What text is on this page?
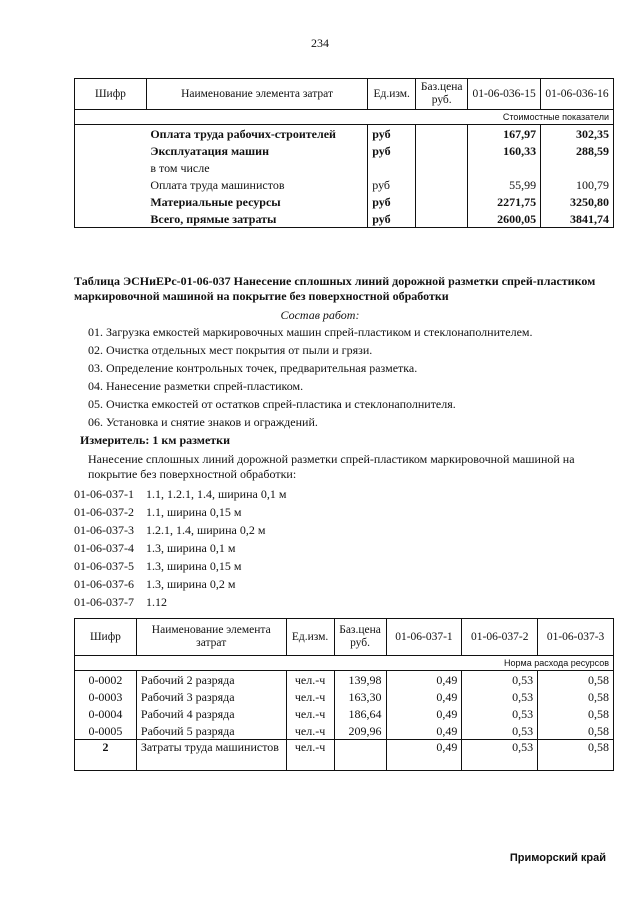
234
Шифр	Наименование элемента затрат	Ед.изм.	Баз.цена руб.	01-06-036-15	01-06-036-16
Стоимостные показатели					
	Оплата труда рабочих-строителей	руб		167,97	302,35
	Эксплуатация машин	руб		160,33	288,59
	в том числе				
	Оплата труда машинистов	руб		55,99	100,79
	Материальные ресурсы	руб		2271,75	3250,80
	Всего, прямые затраты	руб		2600,05	3841,74
Таблица ЭСНиЕРс-01-06-037 Нанесение сплошных линий дорожной разметки спрей-пластиком маркировочной машиной на покрытие без поверхностной обработки
Состав работ:
01. Загрузка емкостей маркировочных машин спрей-пластиком и стеклонаполнителем.
02. Очистка отдельных мест покрытия от пыли и грязи.
03. Определение контрольных точек, предварительная разметка.
04. Нанесение разметки спрей-пластиком.
05. Очистка емкостей от остатков спрей-пластика и стеклонаполнителя.
06. Установка и снятие знаков и ограждений.
Измеритель: 1 км разметки
Нанесение сплошных линий дорожной разметки спрей-пластиком маркировочной машиной на покрытие без поверхностной обработки:
01-06-037-1 1.1, 1.2.1, 1.4, ширина 0,1 м
01-06-037-2 1.1, ширина 0,15 м
01-06-037-3 1.2.1, 1.4, ширина 0,2 м
01-06-037-4 1.3, ширина 0,1 м
01-06-037-5 1.3, ширина 0,15 м
01-06-037-6 1.3, ширина 0,2 м
01-06-037-7 1.12
Шифр	Наименование элемента затрат	Ед.изм.	Баз.цена руб.	01-06-037-1	01-06-037-2	01-06-037-3
Норма расхода ресурсов						
0-0002	Рабочий 2 разряда	чел.-ч	139,98	0,49	0,53	0,58
0-0003	Рабочий 3 разряда	чел.-ч	163,30	0,49	0,53	0,58
0-0004	Рабочий 4 разряда	чел.-ч	186,64	0,49	0,53	0,58
0-0005	Рабочий 5 разряда	чел.-ч	209,96	0,49	0,53	0,58
2	Затраты труда машинистов	чел.-ч		0,49	0,53	0,58
Приморский край
